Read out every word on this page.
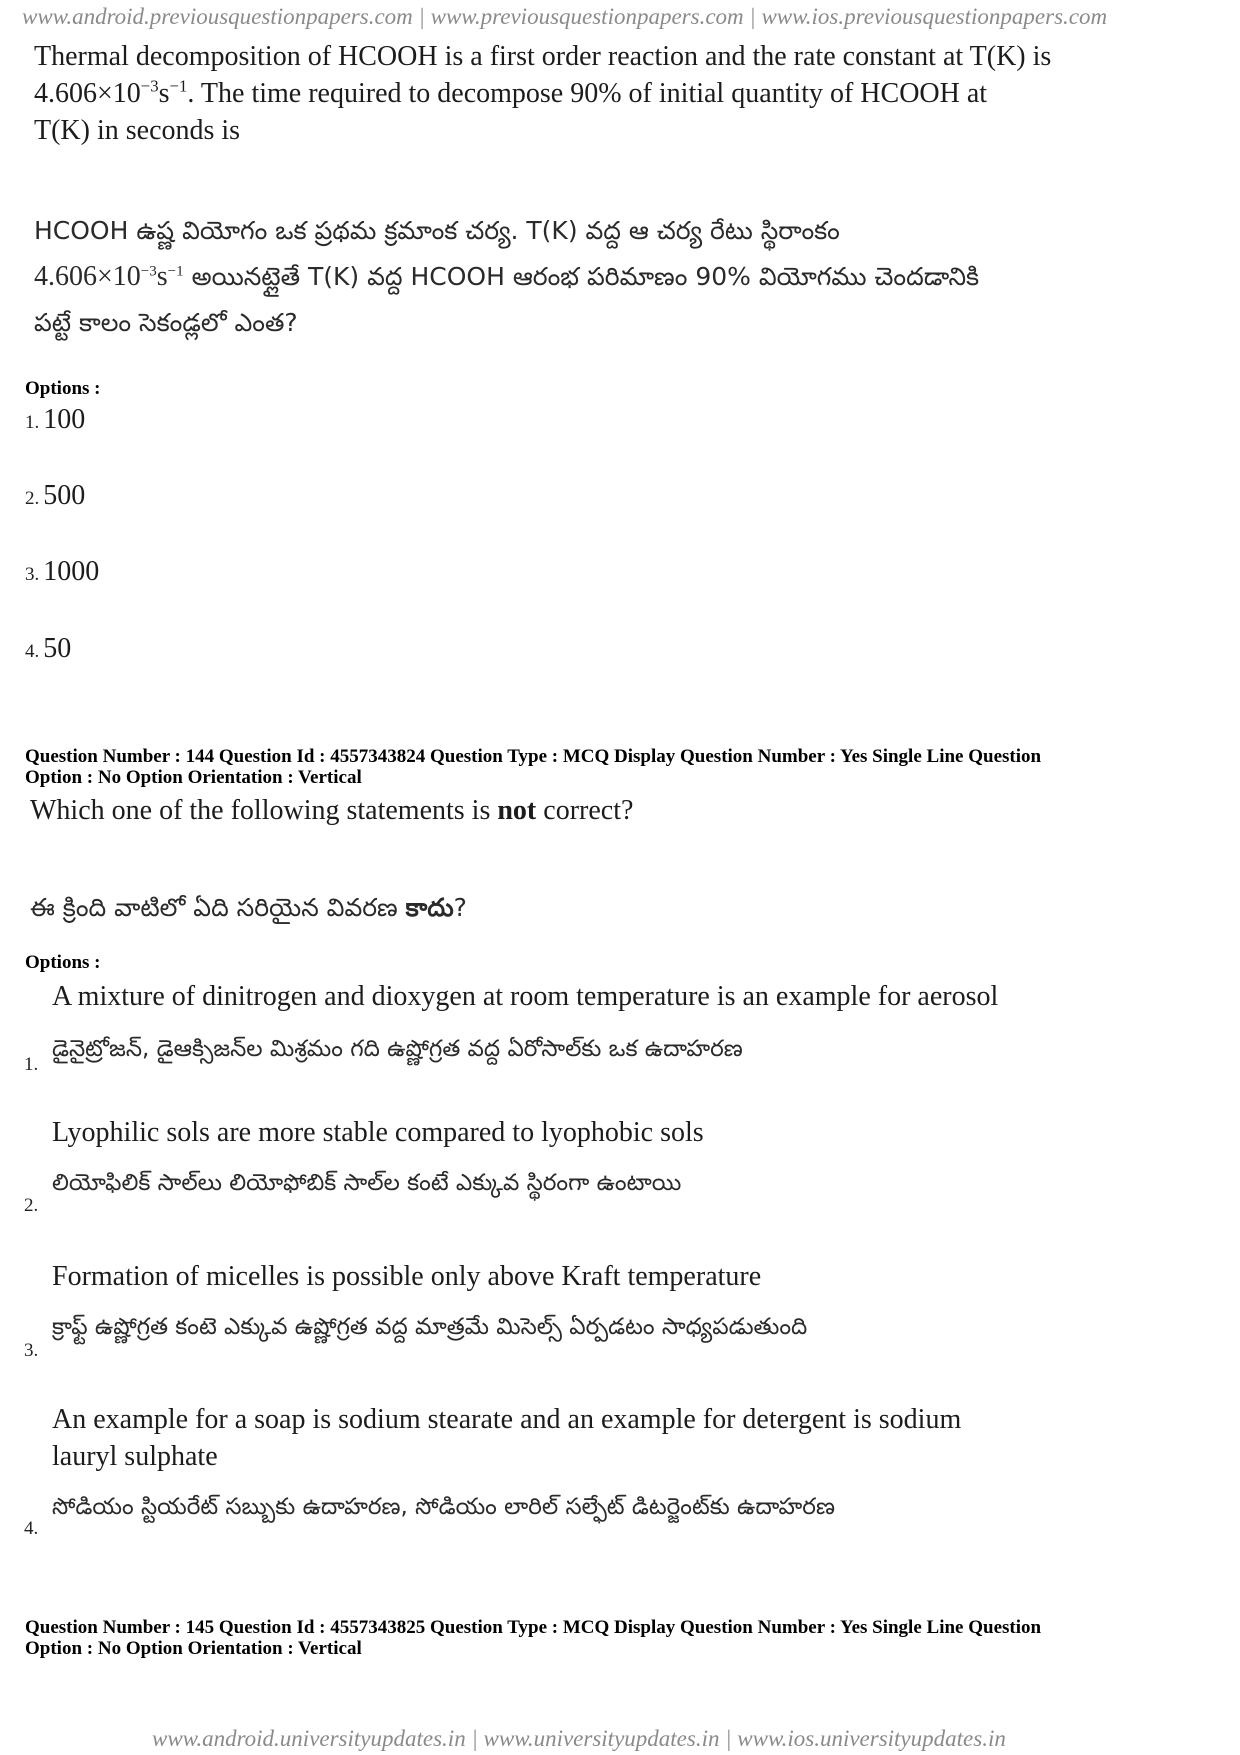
www.android.previousquestionpapers.com | www.previousquestionpapers.com | www.ios.previousquestionpapers.com
Thermal decomposition of HCOOH is a first order reaction and the rate constant at T(K) is
$4.606\times 10^{-3}s^{-1}$. The time required to decompose 90% of initial quantity of HCOOH at
T(K) in seconds is
HCOOH ఉష్ణ వియోగం ఒక ప్రథమ క్రమాంక చర్య. T(K) వద్ద ఆ చర్య రేటు స్థిరాంకం
$4.606\times 10^{-3}s^{-1}$ అయినట్లైతే T(K) వద్ద HCOOH ఆరంభ పరిమాణం 90% వియోగము చెందడానికి
పట్టే కాలం సెకండ్లలో ఎంత?
Options :
1. 100
2. 500
3. 1000
4. 50
Question Number : 144 Question Id : 4557343824 Question Type : MCQ Display Question Number : Yes Single Line Question
Option : No Option Orientation : Vertical
Which one of the following statements is not correct?
ఈ క్రింది వాటిలో ఏది సరియైన వివరణ కాదు?
Options :
A mixture of dinitrogen and dioxygen at room temperature is an example for aerosol
డైనైట్రోజన్, డైఆక్సిజన్‌ల మిశ్రమం గది ఉష్ణోగ్రత వద్ద ఏరోసాల్‌కు ఒక ఉదాహరణ
1.
Lyophilic sols are more stable compared to lyophobic sols
లియోఫిలిక్ సాల్‌లు లియోఫోబిక్ సాల్‌ల కంటే ఎక్కువ స్థిరంగా ఉంటాయి
2.
Formation of micelles is possible only above Kraft temperature
క్రాఫ్ట్ ఉష్ణోగ్రత కంటె ఎక్కువ ఉష్ణోగ్రత వద్ద మాత్రమే మిసెల్స్ ఏర్పడటం సాధ్యపడుతుంది
3.
An example for a soap is sodium stearate and an example for detergent is sodium
lauryl sulphate
సోడియం స్టియరేట్ సబ్బుకు ఉదాహరణ, సోడియం లారిల్ సల్ఫేట్ డిటర్జెంట్‌కు ఉదాహరణ
4.
Question Number : 145 Question Id : 4557343825 Question Type : MCQ Display Question Number : Yes Single Line Question
Option : No Option Orientation : Vertical
www.android.universityupdates.in | www.universityupdates.in | www.ios.universityupdates.in
